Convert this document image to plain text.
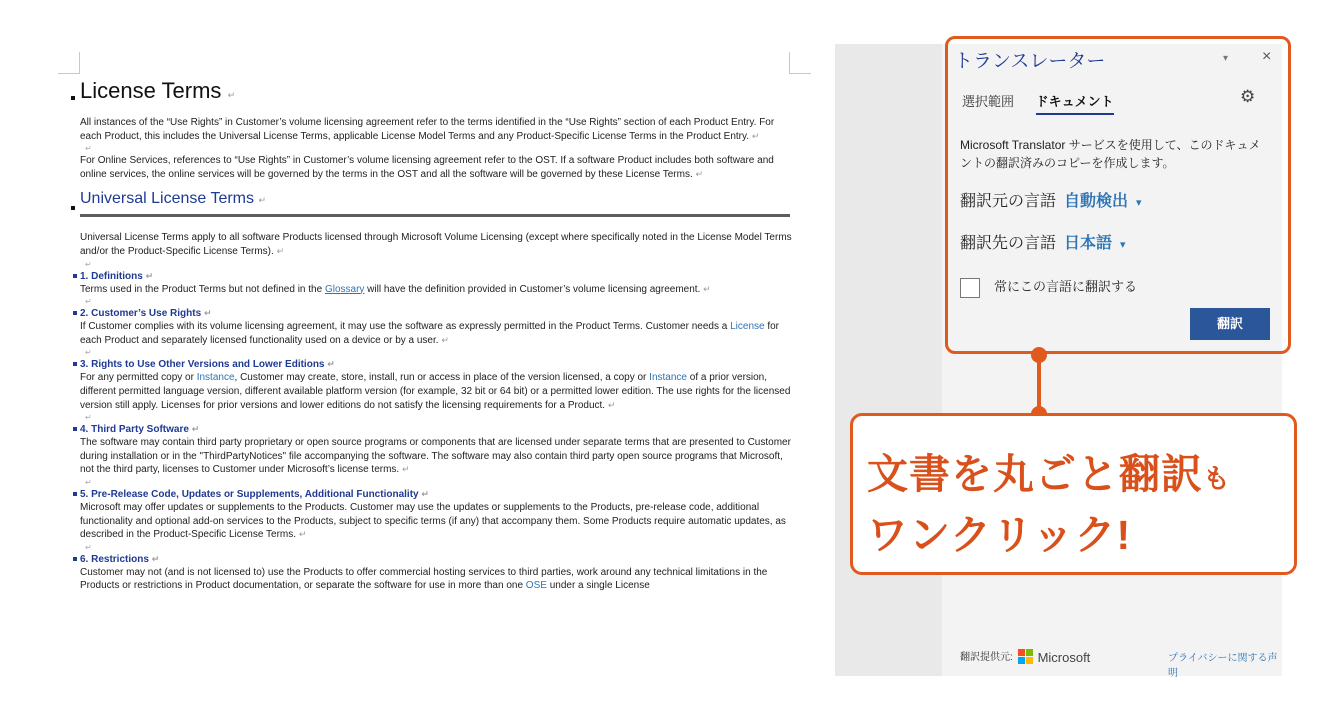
License Terms ↵

All instances of the “Use Rights” in Customer’s volume licensing agreement refer to the terms identified in the “Use Rights” section of each Product Entry. For each Product, this includes the Universal License Terms, applicable License Model Terms and any Product-Specific License Terms in the Product Entry. ↵

↵

For Online Services, references to “Use Rights” in Customer’s volume licensing agreement refer to the OST. If a software Product includes both software and online services, the online services will be governed by the terms in the OST and all the software will be governed by these License Terms. ↵

Universal License Terms ↵

Universal License Terms apply to all software Products licensed through Microsoft Volume Licensing (except where specifically noted in the License Model Terms and/or the Product-Specific License Terms). ↵

↵
1. Definitions ↵

Terms used in the Product Terms but not defined in the Glossary will have the definition provided in Customer’s volume licensing agreement. ↵

↵
2. Customer’s Use Rights ↵

If Customer complies with its volume licensing agreement, it may use the software as expressly permitted in the Product Terms. Customer needs a License for each Product and separately licensed functionality used on a device or by a user. ↵

↵
3. Rights to Use Other Versions and Lower Editions ↵

For any permitted copy or Instance, Customer may create, store, install, run or access in place of the version licensed, a copy or Instance of a prior version, different permitted language version, different available platform version (for example, 32 bit or 64 bit) or a permitted lower edition. The use rights for the licensed version still apply. Licenses for prior versions and lower editions do not satisfy the licensing requirements for a Product. ↵

↵
4. Third Party Software ↵

The software may contain third party proprietary or open source programs or components that are licensed under separate terms that are presented to Customer during installation or in the "ThirdPartyNotices" file accompanying the software. The software may also contain third party open source programs that Microsoft, not the third party, licenses to Customer under Microsoft’s license terms. ↵

↵
5. Pre-Release Code, Updates or Supplements, Additional Functionality ↵

Microsoft may offer updates or supplements to the Products. Customer may use the updates or supplements to the Products, pre-release code, additional functionality and optional add-on services to the Products, subject to specific terms (if any) that accompany them. Some Products require automatic updates, as described in the Product-Specific License Terms. ↵

↵
6. Restrictions ↵

Customer may not (and is not licensed to) use the Products to offer commercial hosting services to third parties, work around any technical limitations in the Products or restrictions in Product documentation, or separate the software for use in more than one OSE under a single License

トランスレーター	▾ ×
選択範囲 ドキュメント	⚙
Microsoft Translator サービスを使用して、このドキュメントの翻訳済みのコピーを作成します。
翻訳元の言語 自動検出 ▾
翻訳先の言語 日本語 ▾
常にこの言語に翻訳する
翻訳
翻訳提供元: Microsoft	プライバシーに関する声明
文書を丸ごと翻訳も
ワンクリック!
